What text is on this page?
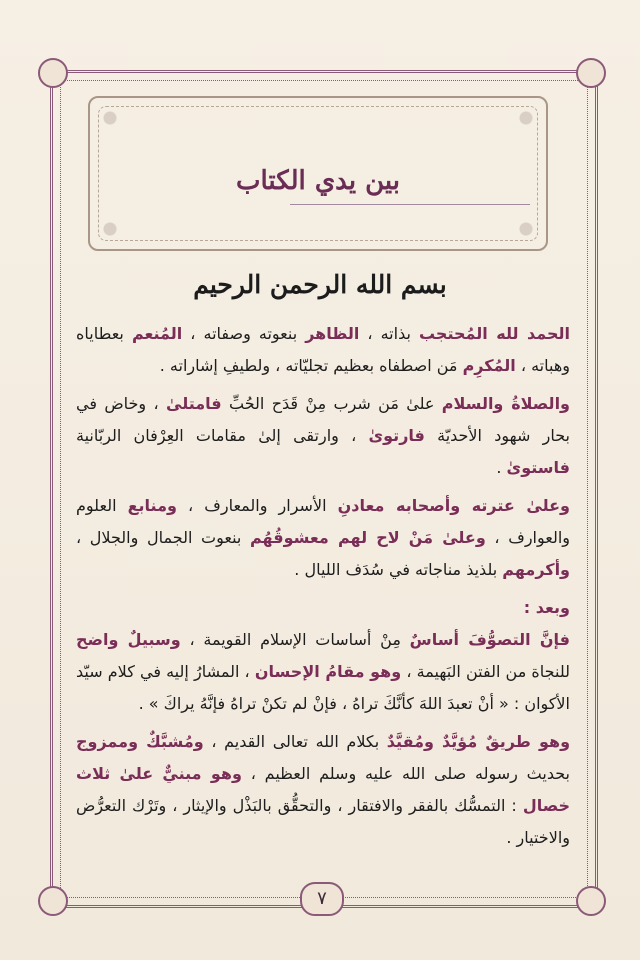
بين يدي الكتاب
بسم الله الرحمن الرحيم

الحمد لله المُحتجب بذاته ، الظاهر بنعوته وصفاته ، المُنعم بعطاياه وهباته ، المُكرِم مَن اصطفاه بعظيم تجليّاته ، ولطيفِ إشاراته .

والصلاةُ والسلام علىٰ مَن شرب مِنْ قَدَح الحُبِّ فامتلىٰ ، وخاض في بحار شهود الأحديّة فارتوىٰ ، وارتقى إلىٰ مقامات العِرْفان الربّانية فاستوىٰ .

وعلىٰ عترته وأصحابه معادنِ الأسرار والمعارف ، ومنابع العلوم والعوارف ، وعلىٰ مَنْ لاح لهم معشوقُهُم بنعوت الجمال والجلال ، وأكرمهم بلذيذ مناجاته في سُدَف الليال .

وبعد :

فإنَّ التصوُّفَ أساسٌ مِنْ أساسات الإسلام القويمة ، وسبيلٌ واضح للنجاة من الفتن البَهيمة ، وهو مقامُ الإحسان ، المشارُ إليه في كلام سيّد الأكوان : « أنْ تعبدَ اللهَ كأنَّكَ تراهُ ، فإنْ لم تكنْ تراهُ فإنَّهُ يراكَ » .

وهو طريقٌ مُؤيَّدٌ ومُقيَّدٌ بكلام الله تعالى القديم ، ومُشبَّكٌ وممزوج بحديث رسوله صلى الله عليه وسلم العظيم ، وهو مبنيٌّ علىٰ ثلاث خصال : التمسُّك بالفقر والافتقار ، والتحقُّق بالبَذْل والإيثار ، وتَرْك التعرُّض والاختيار .

٧
